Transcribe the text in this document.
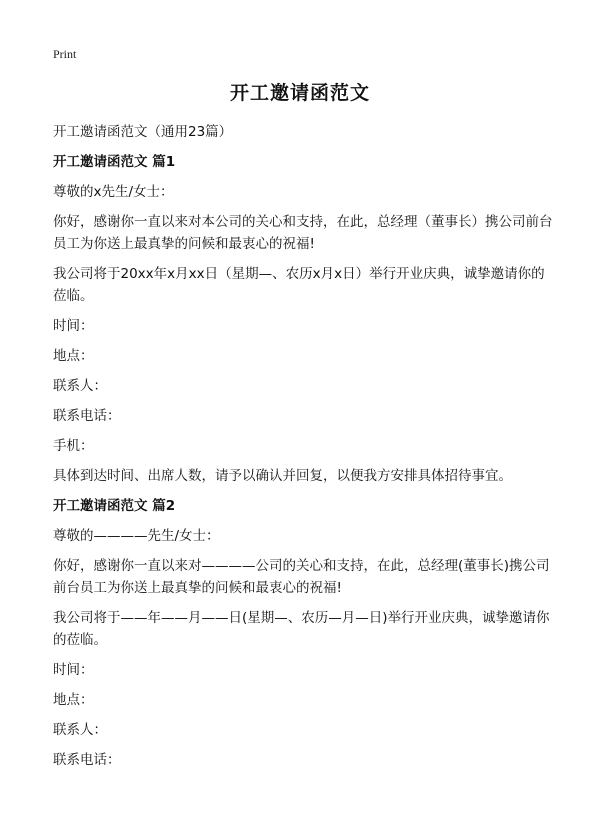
Print
开工邀请函范文

开工邀请函范文（通用23篇）

开工邀请函范文 篇1

尊敬的x先生/女士：

你好，感谢你一直以来对本公司的关心和支持，在此，总经理（董事长）携公司前台员工为你送上最真挚的问候和最衷心的祝福!

我公司将于20xx年x月xx日（星期—、农历x月x日）举行开业庆典，诚挚邀请你的莅临。

时间：

地点：

联系人：

联系电话：

手机：

具体到达时间、出席人数，请予以确认并回复，以便我方安排具体招待事宜。

开工邀请函范文 篇2

尊敬的————先生/女士：

你好，感谢你一直以来对————公司的关心和支持，在此，总经理(董事长)携公司前台员工为你送上最真挚的问候和最衷心的祝福!

我公司将于——年——月——日(星期—、农历—月—日)举行开业庆典，诚挚邀请你的莅临。

时间：

地点：

联系人：

联系电话：
